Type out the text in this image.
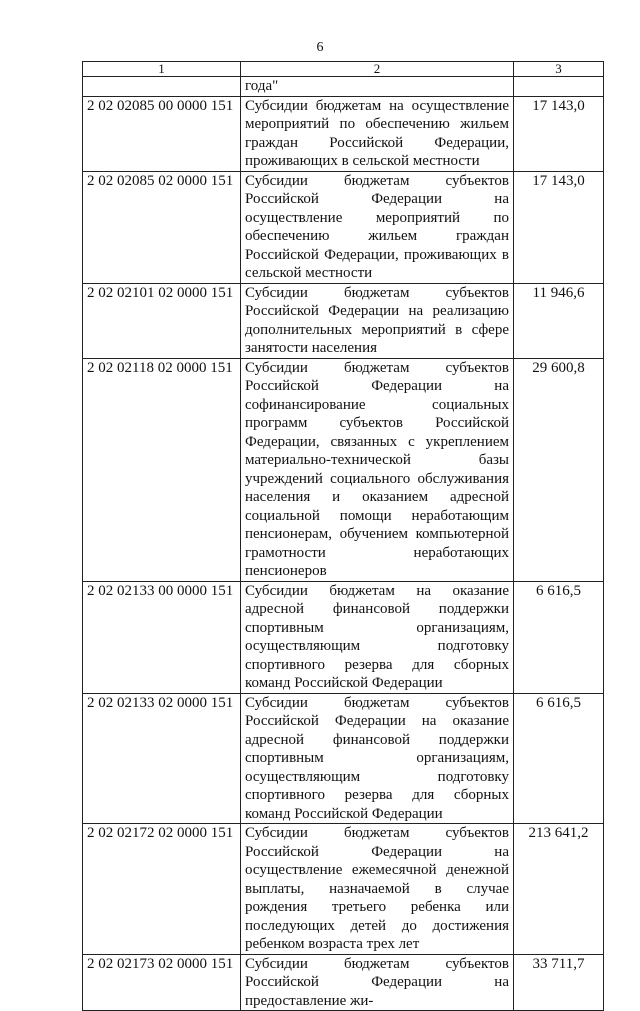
6
1	2	3
	года"	
2 02 02085 00 0000 151	Субсидии бюджетам на осуществление мероприятий по обеспечению жильем граждан Российской Федерации, проживающих в сельской местности	17 143,0
2 02 02085 02 0000 151	Субсидии бюджетам субъектов Российской Федерации на осуществление мероприятий по обеспечению жильем граждан Российской Федерации, проживающих в сельской местности	17 143,0
2 02 02101 02 0000 151	Субсидии бюджетам субъектов Российской Федерации на реализацию дополнительных мероприятий в сфере занятости населения	11 946,6
2 02 02118 02 0000 151	Субсидии бюджетам субъектов Российской Федерации на софинансирование социальных программ субъектов Российской Федерации, связанных с укреплением материально-технической базы учреждений социального обслуживания населения и оказанием адресной социальной помощи неработающим пенсионерам, обучением компьютерной грамотности неработающих пенсионеров	29 600,8
2 02 02133 00 0000 151	Субсидии бюджетам на оказание адресной финансовой поддержки спортивным организациям, осуществляющим подготовку спортивного резерва для сборных команд Российской Федерации	6 616,5
2 02 02133 02 0000 151	Субсидии бюджетам субъектов Российской Федерации на оказание адресной финансовой поддержки спортивным организациям, осуществляющим подготовку спортивного резерва для сборных команд Российской Федерации	6 616,5
2 02 02172 02 0000 151	Субсидии бюджетам субъектов Российской Федерации на осуществление ежемесячной денежной выплаты, назначаемой в случае рождения третьего ребенка или последующих детей до достижения ребенком возраста трех лет	213 641,2
2 02 02173 02 0000 151	Субсидии бюджетам субъектов Российской Федерации на предоставление жи-	33 711,7
